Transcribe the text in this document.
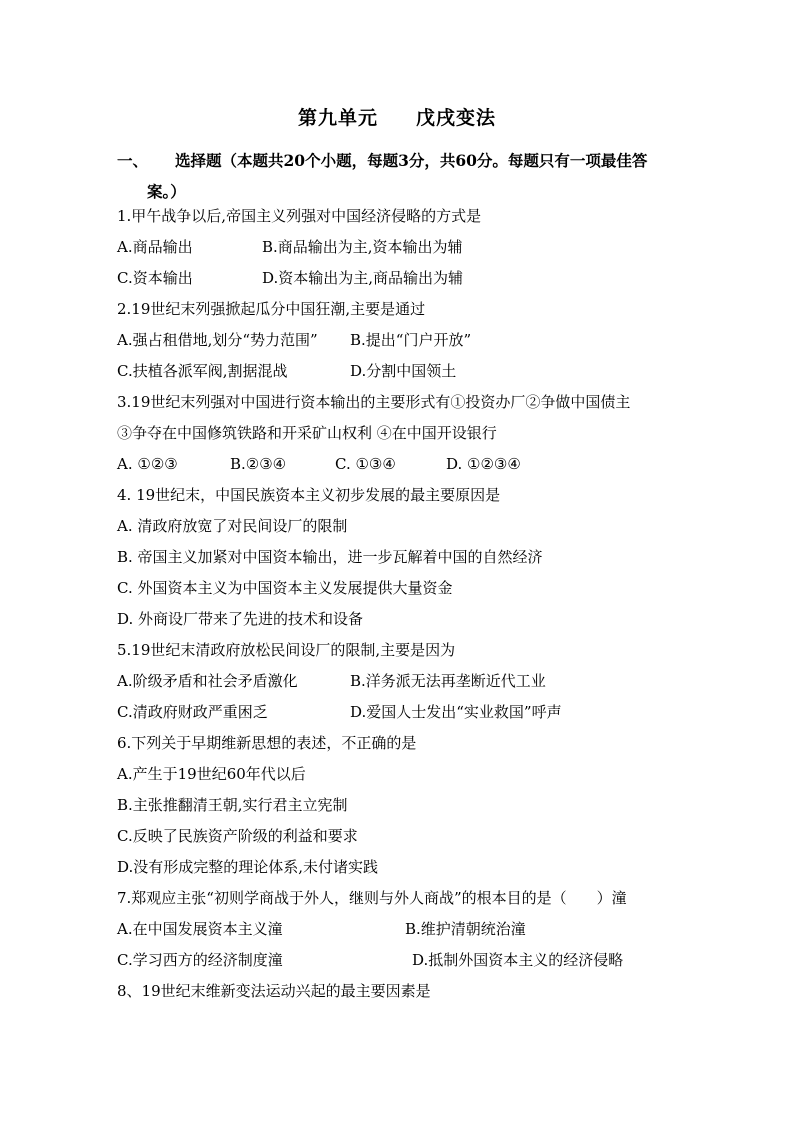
第九单元     戊戌变法
一、 选择题（本题共20个小题，每题3分，共60分。每题只有一项最佳答
案。）
1.甲午战争以后,帝国主义列强对中国经济侵略的方式是
A.商品输出	B.商品输出为主,资本输出为辅
C.资本输出	D.资本输出为主,商品输出为辅
2.19世纪末列强掀起瓜分中国狂潮,主要是通过
A.强占租借地,划分“势力范围” B.提出“门户开放”
C.扶植各派军阀,割据混战	D.分割中国领土
3.19世纪末列强对中国进行资本输出的主要形式有①投资办厂②争做中国债主
③争夺在中国修筑铁路和开采矿山权利 ④在中国开设银行
A. ①②③	B.②③④	C. ①③④	D. ①②③④
4. 19世纪末，中国民族资本主义初步发展的最主要原因是
A. 清政府放宽了对民间设厂的限制
B. 帝国主义加紧对中国资本输出，进一步瓦解着中国的自然经济
C. 外国资本主义为中国资本主义发展提供大量资金
D. 外商设厂带来了先进的技术和设备
5.19世纪末清政府放松民间设厂的限制,主要是因为
A.阶级矛盾和社会矛盾激化	B.洋务派无法再垄断近代工业
C.清政府财政严重困乏	D.爱国人士发出“实业救国”呼声
6.下列关于早期维新思想的表述，不正确的是
A.产生于19世纪60年代以后
B.主张推翻清王朝,实行君主立宪制
C.反映了民族资产阶级的利益和要求
D.没有形成完整的理论体系,未付诸实践
7.郑观应主张“初则学商战于外人，继则与外人商战”的根本目的是（　　）潼
A.在中国发展资本主义潼	B.维护清朝统治潼
C.学习西方的经济制度潼	D.抵制外国资本主义的经济侵略
8、19世纪末维新变法运动兴起的最主要因素是
